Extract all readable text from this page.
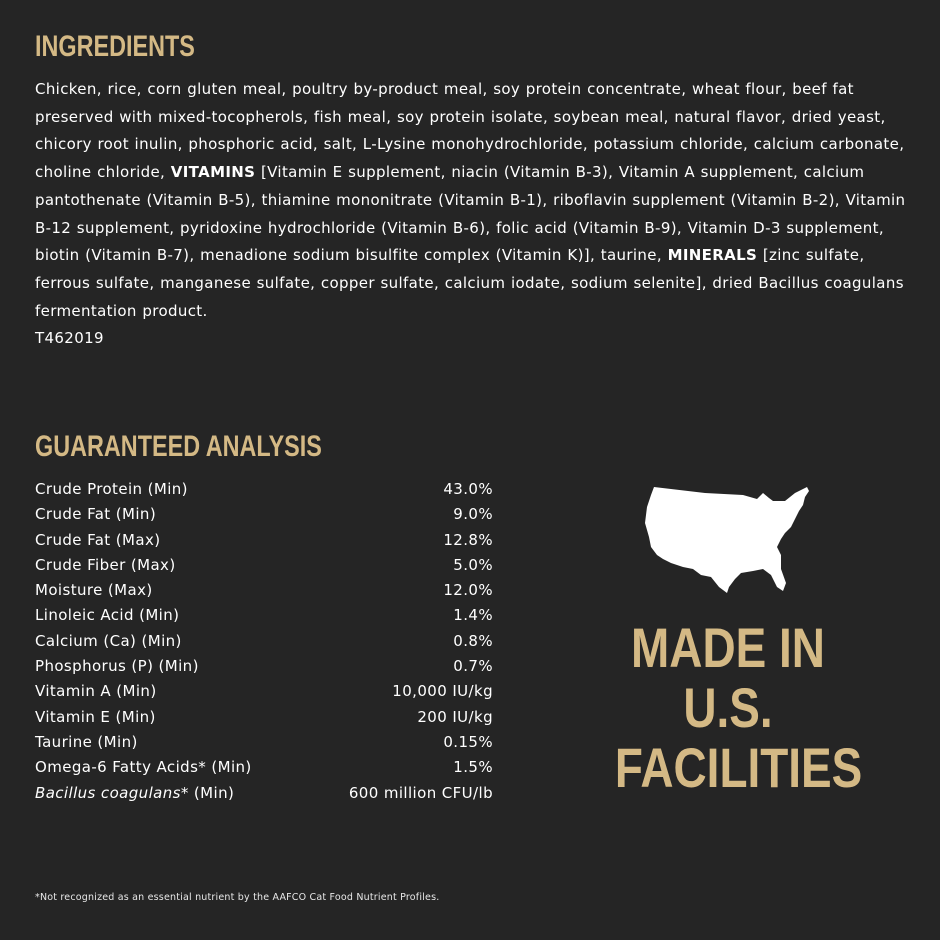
INGREDIENTS

Chicken, rice, corn gluten meal, poultry by-product meal, soy protein concentrate, wheat flour, beef fat preserved with mixed-tocopherols, fish meal, soy protein isolate, soybean meal, natural flavor, dried yeast, chicory root inulin, phosphoric acid, salt, L-Lysine monohydrochloride, potassium chloride, calcium carbonate, choline chloride, VITAMINS [Vitamin E supplement, niacin (Vitamin B-3), Vitamin A supplement, calcium pantothenate (Vitamin B-5), thiamine mononitrate (Vitamin B-1), riboflavin supplement (Vitamin B-2), Vitamin B-12 supplement, pyridoxine hydrochloride (Vitamin B-6), folic acid (Vitamin B-9), Vitamin D-3 supplement, biotin (Vitamin B-7), menadione sodium bisulfite complex (Vitamin K)], taurine, MINERALS [zinc sulfate, ferrous sulfate, manganese sulfate, copper sulfate, calcium iodate, sodium selenite], dried Bacillus coagulans fermentation product.
T462019

GUARANTEED ANALYSIS
Crude Protein (Min)	43.0%
Crude Fat (Min)	9.0%
Crude Fat (Max)	12.8%
Crude Fiber (Max)	5.0%
Moisture (Max)	12.0%
Linoleic Acid (Min)	1.4%
Calcium (Ca) (Min)	0.8%
Phosphorus (P) (Min)	0.7%
Vitamin A (Min)	10,000 IU/kg
Vitamin E (Min)	200 IU/kg
Taurine (Min)	0.15%
Omega-6 Fatty Acids* (Min)	1.5%
Bacillus coagulans* (Min)	600 million CFU/lb
MADE IN
U.S.
FACILITIES

*Not recognized as an essential nutrient by the AAFCO Cat Food Nutrient Profiles.
